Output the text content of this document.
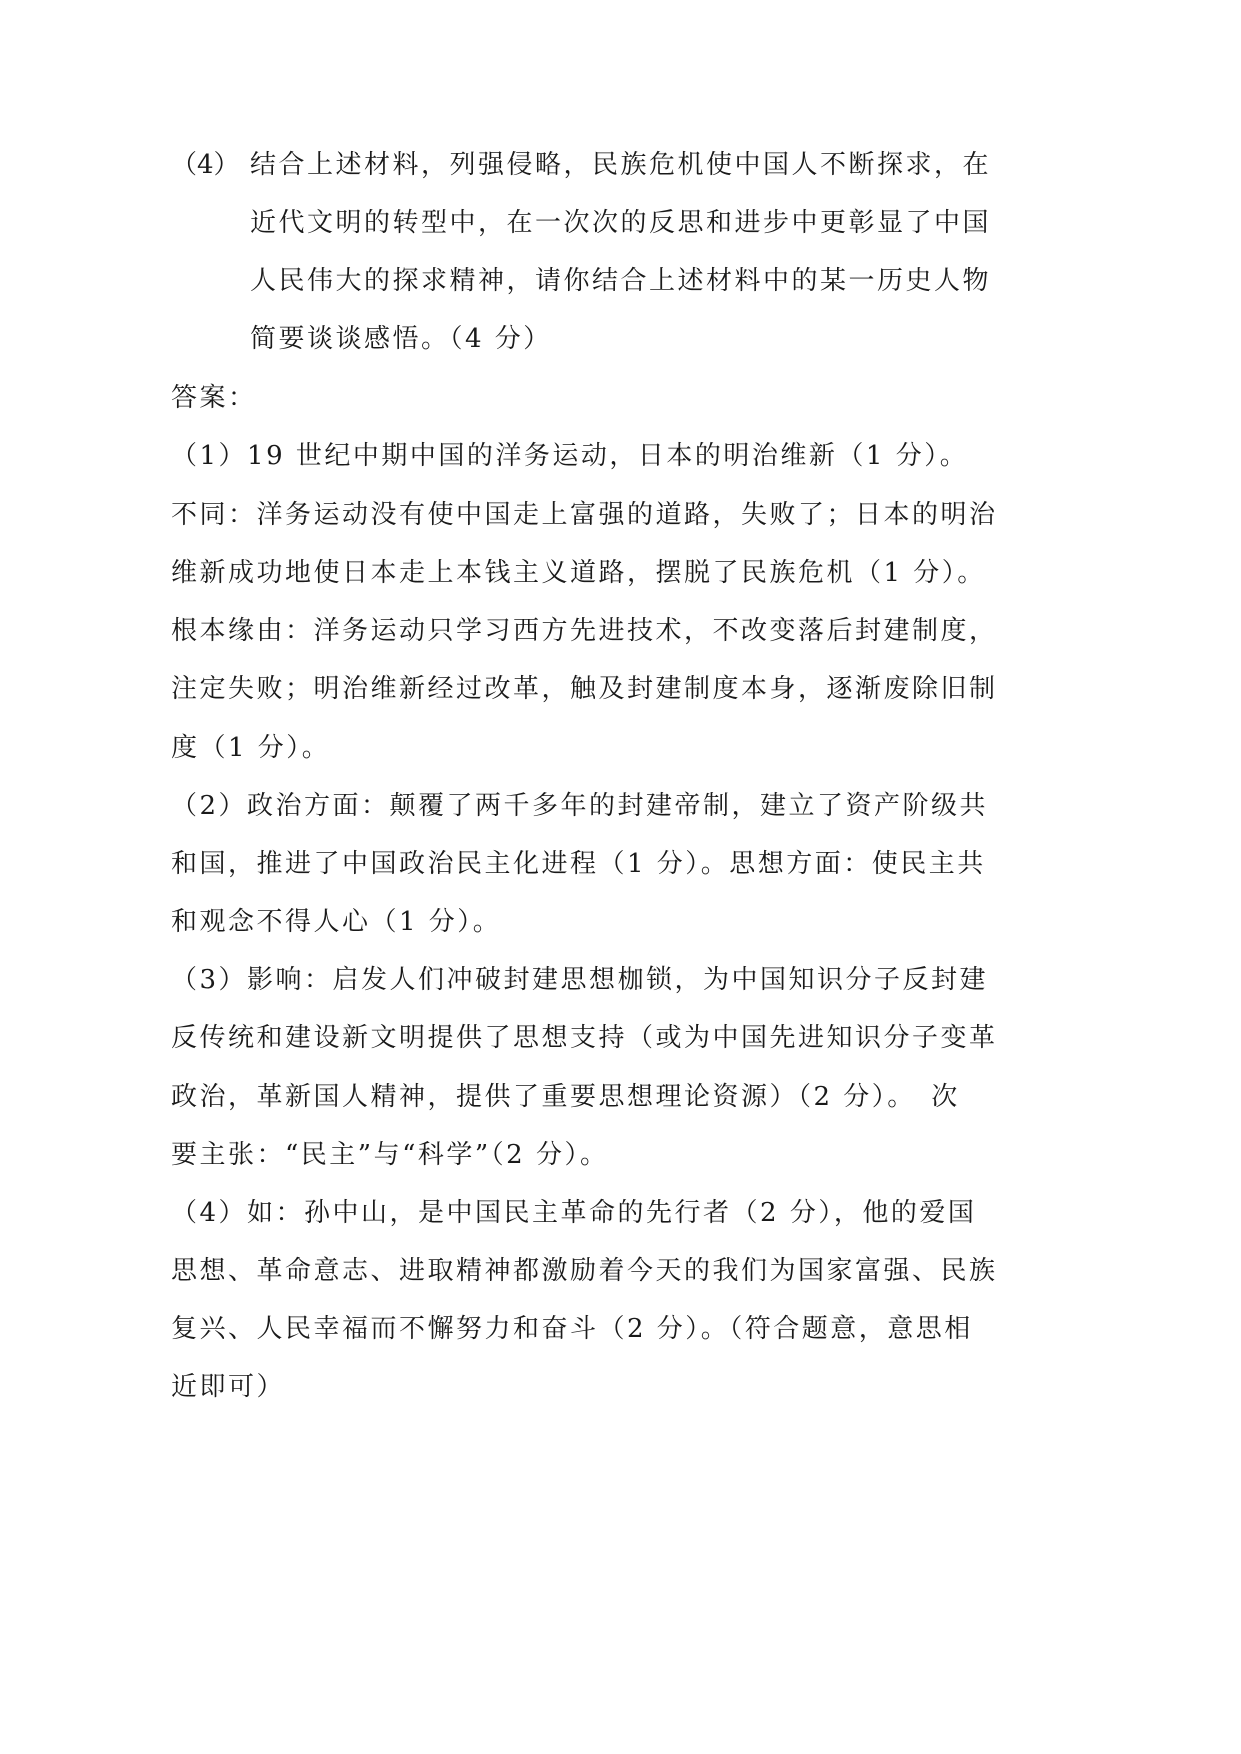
（4） 结合上述材料，列强侵略，民族危机使中国人不断探求，在
近代文明的转型中，在一次次的反思和进步中更彰显了中国
人民伟大的探求精神，请你结合上述材料中的某一历史人物
简要谈谈感悟。（4 分）
答案：
（1）19 世纪中期中国的洋务运动，日本的明治维新（1 分）。
不同：洋务运动没有使中国走上富强的道路，失败了；日本的明治
维新成功地使日本走上本钱主义道路，摆脱了民族危机（1 分）。
根本缘由：洋务运动只学习西方先进技术，不改变落后封建制度，
注定失败；明治维新经过改革，触及封建制度本身，逐渐废除旧制
度（1 分）。
（2）政治方面：颠覆了两千多年的封建帝制，建立了资产阶级共
和国，推进了中国政治民主化进程（1 分）。思想方面：使民主共
和观念不得人心（1 分）。
（3）影响：启发人们冲破封建思想枷锁，为中国知识分子反封建
反传统和建设新文明提供了思想支持（或为中国先进知识分子变革
政治，革新国人精神，提供了重要思想理论资源）（2 分）。　次
要主张：“民主”与“科学”（2 分）。
（4）如：孙中山，是中国民主革命的先行者（2 分），他的爱国
思想、革命意志、进取精神都激励着今天的我们为国家富强、民族
复兴、人民幸福而不懈努力和奋斗（2 分）。（符合题意，意思相
近即可）
